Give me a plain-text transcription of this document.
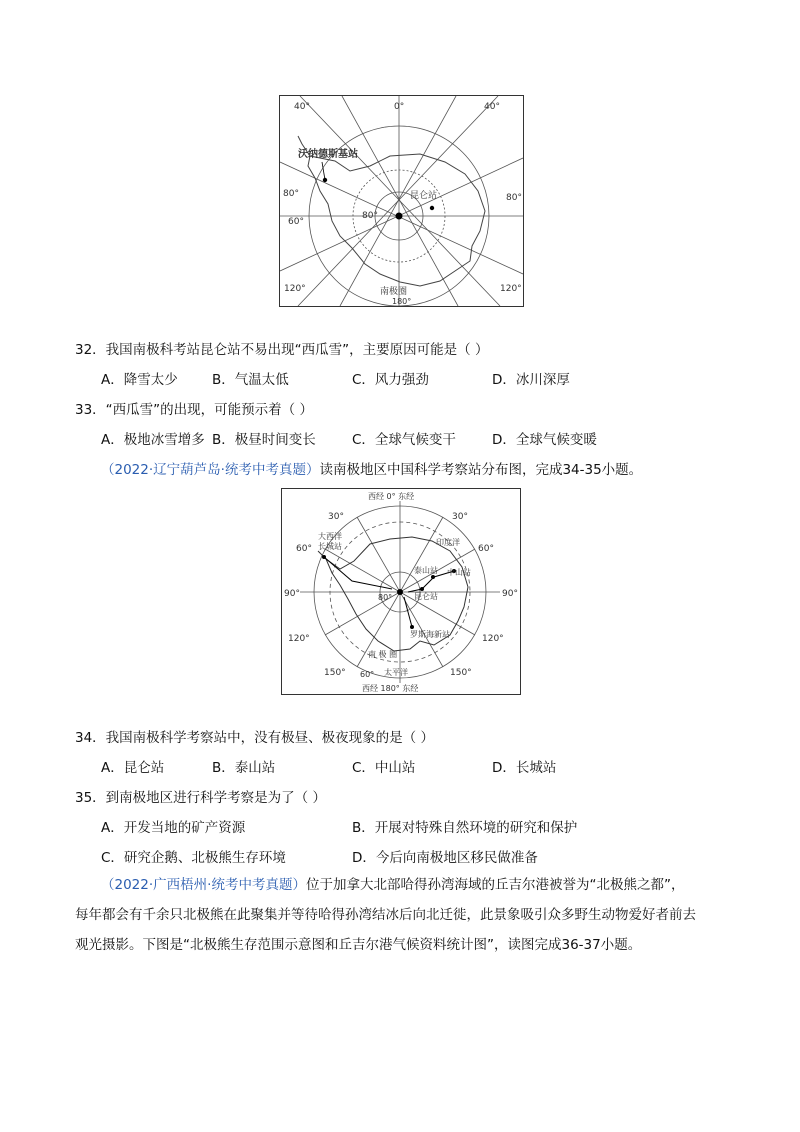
40°	0°	40°
80°
60°
80°
120°	120°
80°
沃纳德斯基站
昆仑站
南极圈
180°
32．我国南极科考站昆仑站不易出现“西瓜雪”，主要原因可能是（ ）
A．降雪太少	B．气温太低	C．风力强劲	D．冰川深厚
33．“西瓜雪”的出现，可能预示着（ ）
A．极地冰雪增多 B．极昼时间变长	C．全球气候变干	D．全球气候变暖
（2022·辽宁葫芦岛·统考中考真题）读南极地区中国科学考察站分布图，完成34-35小题。
西经 0° 东经
西经 180° 东经
30°	30°
60°	60°
90°	90°
120°	120°
150°	150°
60°
80°
大西洋
长城站	印度洋
泰山站 中山站
昆仑站
罗斯海新站
南 极 圈
太平洋
34．我国南极科学考察站中，没有极昼、极夜现象的是（ ）
A．昆仑站	B．泰山站	C．中山站	D．长城站
35．到南极地区进行科学考察是为了（ ）
A．开发当地的矿产资源	B．开展对特殊自然环境的研究和保护
C．研究企鹅、北极熊生存环境	D．今后向南极地区移民做准备
（2022·广西梧州·统考中考真题）位于加拿大北部哈得孙湾海域的丘吉尔港被誉为“北极熊之都”，
每年都会有千余只北极熊在此聚集并等待哈得孙湾结冰后向北迁徙，此景象吸引众多野生动物爱好者前去
观光摄影。下图是“北极熊生存范围示意图和丘吉尔港气候资料统计图”，读图完成36-37小题。
